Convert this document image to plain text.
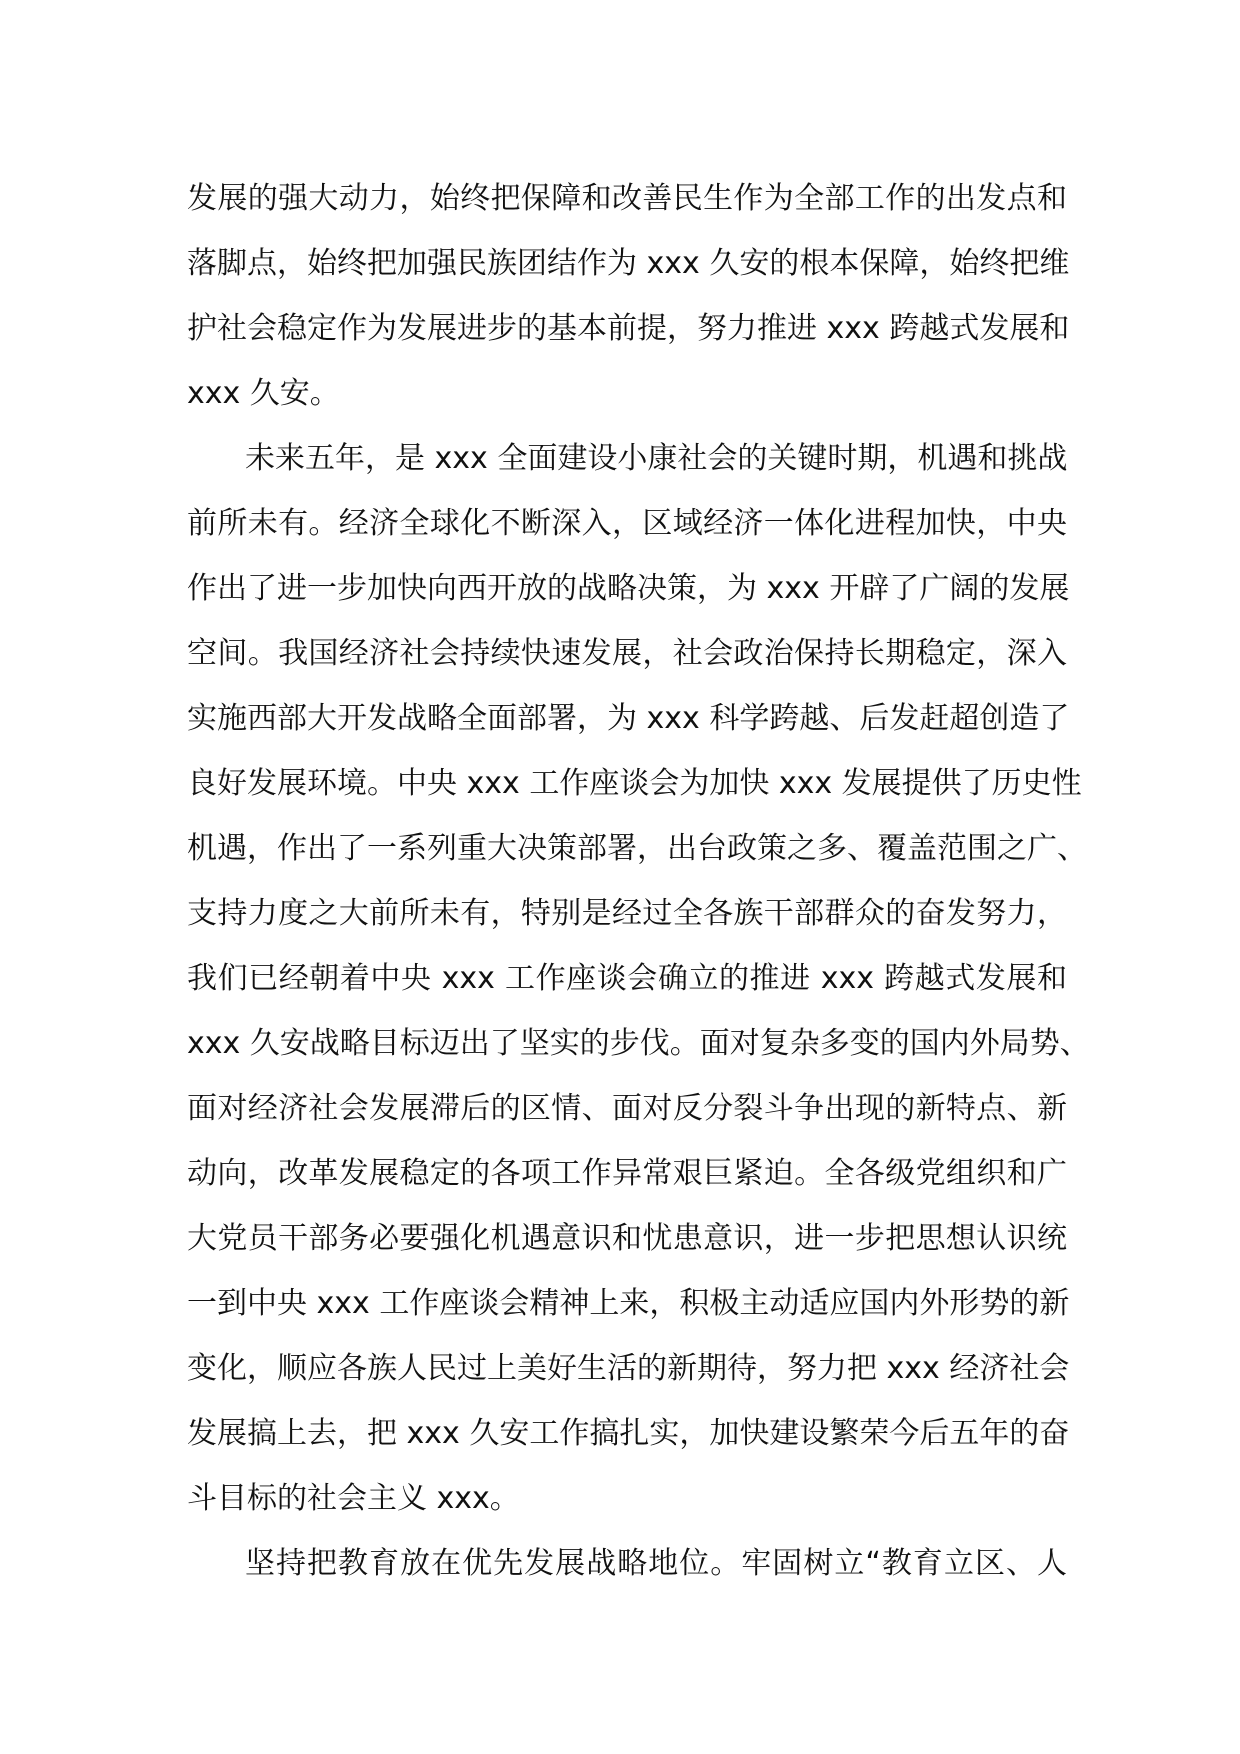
发展的强大动力，始终把保障和改善民生作为全部工作的出发点和
落脚点，始终把加强民族团结作为 xxx 久安的根本保障，始终把维
护社会稳定作为发展进步的基本前提，努力推进 xxx 跨越式发展和
xxx 久安。
未来五年，是 xxx 全面建设小康社会的关键时期，机遇和挑战
前所未有。经济全球化不断深入，区域经济一体化进程加快，中央
作出了进一步加快向西开放的战略决策，为 xxx 开辟了广阔的发展
空间。我国经济社会持续快速发展，社会政治保持长期稳定，深入
实施西部大开发战略全面部署，为 xxx 科学跨越、后发赶超创造了
良好发展环境。中央 xxx 工作座谈会为加快 xxx 发展提供了历史性
机遇，作出了一系列重大决策部署，出台政策之多、覆盖范围之广、
支持力度之大前所未有，特别是经过全各族干部群众的奋发努力，
我们已经朝着中央 xxx 工作座谈会确立的推进 xxx 跨越式发展和
xxx 久安战略目标迈出了坚实的步伐。面对复杂多变的国内外局势、
面对经济社会发展滞后的区情、面对反分裂斗争出现的新特点、新
动向，改革发展稳定的各项工作异常艰巨紧迫。全各级党组织和广
大党员干部务必要强化机遇意识和忧患意识，进一步把思想认识统
一到中央 xxx 工作座谈会精神上来，积极主动适应国内外形势的新
变化，顺应各族人民过上美好生活的新期待，努力把 xxx 经济社会
发展搞上去，把 xxx 久安工作搞扎实，加快建设繁荣今后五年的奋
斗目标的社会主义 xxx。
坚持把教育放在优先发展战略地位。牢固树立“教育立区、人
